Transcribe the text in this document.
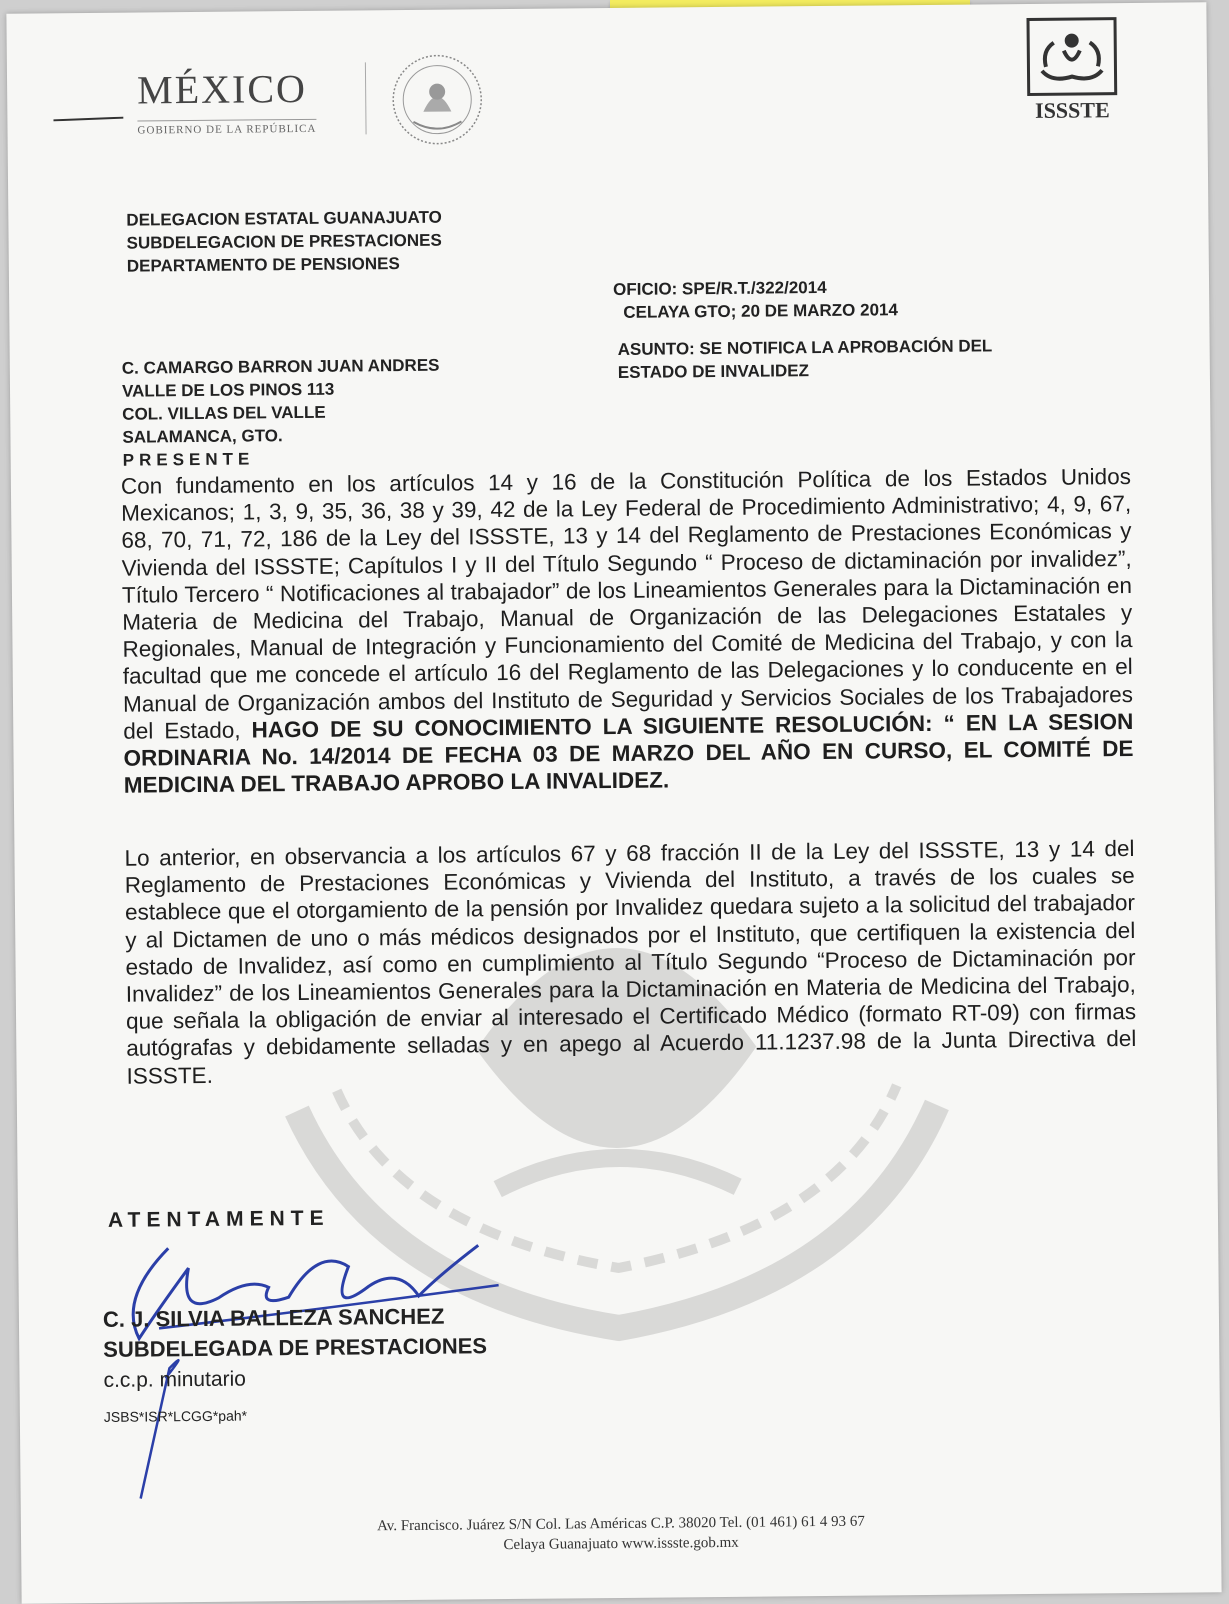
MÉXICO
GOBIERNO DE LA REPÚBLICA
ISSSTE
DELEGACION ESTATAL GUANAJUATO
SUBDELEGACION DE PRESTACIONES
DEPARTAMENTO DE PENSIONES
OFICIO: SPE/R.T./322/2014
CELAYA GTO; 20 DE MARZO 2014
ASUNTO: SE NOTIFICA LA APROBACIÓN DEL
ESTADO DE INVALIDEZ
C. CAMARGO BARRON JUAN ANDRES
VALLE DE LOS PINOS 113
COL. VILLAS DEL VALLE
SALAMANCA, GTO.
PRESENTE
Con fundamento en los artículos 14 y 16 de la Constitución Política de los Estados Unidos Mexicanos; 1, 3, 9, 35, 36, 38 y 39, 42 de la Ley Federal de Procedimiento Administrativo; 4, 9, 67, 68, 70, 71, 72, 186 de la Ley del ISSSTE, 13 y 14 del Reglamento de Prestaciones Económicas y Vivienda del ISSSTE; Capítulos I y II del Título Segundo “ Proceso de dictaminación por invalidez”, Título Tercero “ Notificaciones al trabajador” de los Lineamientos Generales para la Dictaminación en Materia de Medicina del Trabajo, Manual de Organización de las Delegaciones Estatales y Regionales, Manual de Integración y Funcionamiento del Comité de Medicina del Trabajo, y con la facultad que me concede el artículo 16 del Reglamento de las Delegaciones y lo conducente en el Manual de Organización ambos del Instituto de Seguridad y Servicios Sociales de los Trabajadores del Estado, HAGO DE SU CONOCIMIENTO LA SIGUIENTE RESOLUCIÓN: “ EN LA SESION ORDINARIA No. 14/2014 DE FECHA 03 DE MARZO DEL AÑO EN CURSO, EL COMITÉ DE MEDICINA DEL TRABAJO APROBO LA INVALIDEZ.
Lo anterior, en observancia a los artículos 67 y 68 fracción II de la Ley del ISSSTE, 13 y 14 del Reglamento de Prestaciones Económicas y Vivienda del Instituto, a través de los cuales se establece que el otorgamiento de la pensión por Invalidez quedara sujeto a la solicitud del trabajador y al Dictamen de uno o más médicos designados por el Instituto, que certifiquen la existencia del estado de Invalidez, así como en cumplimiento al Título Segundo “Proceso de Dictaminación por Invalidez” de los Lineamientos Generales para la Dictaminación en Materia de Medicina del Trabajo, que señala la obligación de enviar al interesado el Certificado Médico (formato RT-09) con firmas autógrafas y debidamente selladas y en apego al Acuerdo 11.1237.98 de la Junta Directiva del ISSSTE.
ATENTAMENTE
C. J. SILVIA BALLEZA SANCHEZ
SUBDELEGADA DE PRESTACIONES
c.c.p. minutario
JSBS*ISR*LCGG*pah*
Av. Francisco. Juárez S/N Col. Las Américas C.P. 38020 Tel. (01 461) 61 4 93 67
Celaya Guanajuato www.issste.gob.mx
